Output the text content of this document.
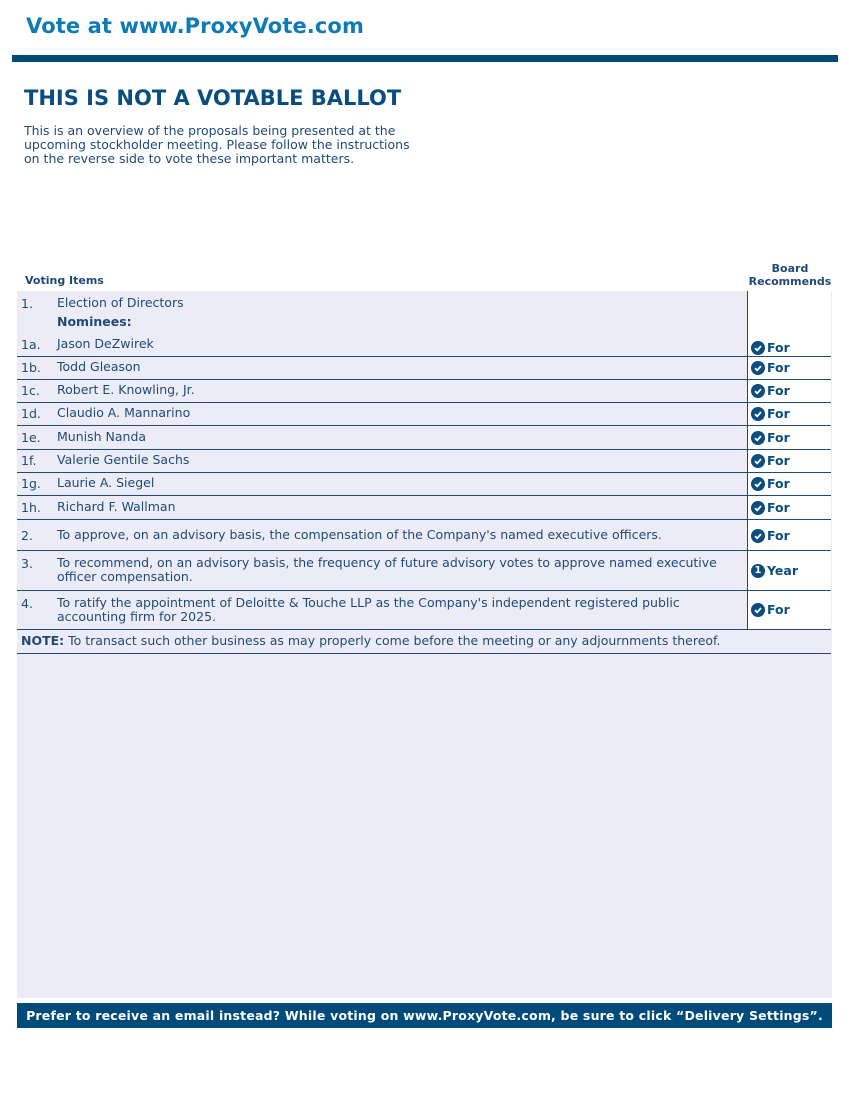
Vote at www.ProxyVote.com
THIS IS NOT A VOTABLE BALLOT
This is an overview of the proposals being presented at the upcoming stockholder meeting. Please follow the instructions on the reverse side to vote these important matters.
Voting Items
Board
Recommends
1. Election of Directors
Nominees:
1a. Jason DeZwirek	For
1b. Todd Gleason	For
1c. Robert E. Knowling, Jr.	For
1d. Claudio A. Mannarino	For
1e. Munish Nanda	For
1f. Valerie Gentile Sachs	For
1g. Laurie A. Siegel	For
1h. Richard F. Wallman	For
2. To approve, on an advisory basis, the compensation of the Company's named executive officers.	For
3. To recommend, on an advisory basis, the frequency of future advisory votes to approve named executive officer compensation.	1 Year
4. To ratify the appointment of Deloitte & Touche LLP as the Company's independent registered public accounting firm for 2025.	For
NOTE: To transact such other business as may properly come before the meeting or any adjournments thereof.
Prefer to receive an email instead? While voting on www.ProxyVote.com, be sure to click “Delivery Settings”.
